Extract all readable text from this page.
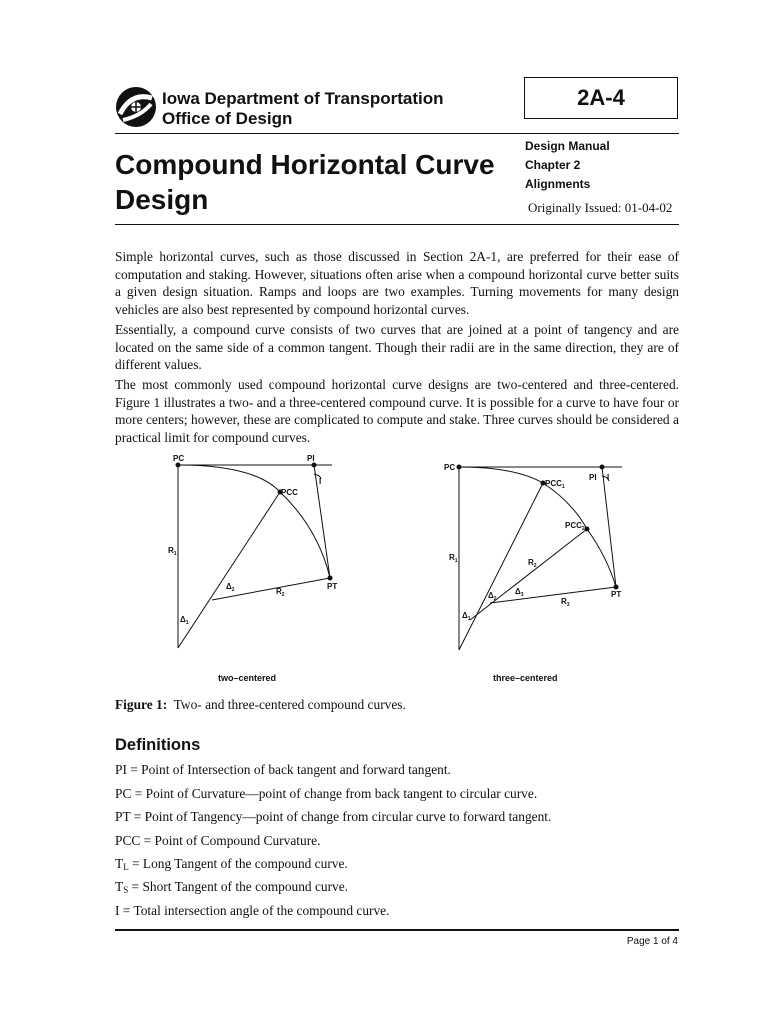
Iowa Department of Transportation
Office of Design
2A-4
Compound Horizontal Curve
Design
Design Manual
Chapter 2
Alignments
Originally Issued: 01-04-02
Simple horizontal curves, such as those discussed in Section 2A-1, are preferred for their ease of computation and staking. However, situations often arise when a compound horizontal curve better suits a given design situation. Ramps and loops are two examples. Turning movements for many design vehicles are also best represented by compound horizontal curves.
Essentially, a compound curve consists of two curves that are joined at a point of tangency and are located on the same side of a common tangent. Though their radii are in the same direction, they are of different values.
The most commonly used compound horizontal curve designs are two-centered and three-centered. Figure 1 illustrates a two- and a three-centered compound curve. It is possible for a curve to have four or more centers; however, these are complicated to compute and stake. Three curves should be considered a practical limit for compound curves.
PC	PI
I
PCC
PT
$R_1$
$R_2$
$\Delta_2$
$\Delta_1$
two–centered
PC
PI I
$PCC_1$
$PCC_2$
PT
$R_1$	$R_2$
$R_3$
$\Delta_1$
$\Delta_2$
$\Delta_3$
three–centered
Figure 1: Two- and three-centered compound curves.
Definitions
PI = Point of Intersection of back tangent and forward tangent.
PC = Point of Curvature—point of change from back tangent to circular curve.
PT = Point of Tangency—point of change from circular curve to forward tangent.
PCC = Point of Compound Curvature.
$T_L$ = Long Tangent of the compound curve.
$T_S$ = Short Tangent of the compound curve.
I = Total intersection angle of the compound curve.
Page 1 of 4
